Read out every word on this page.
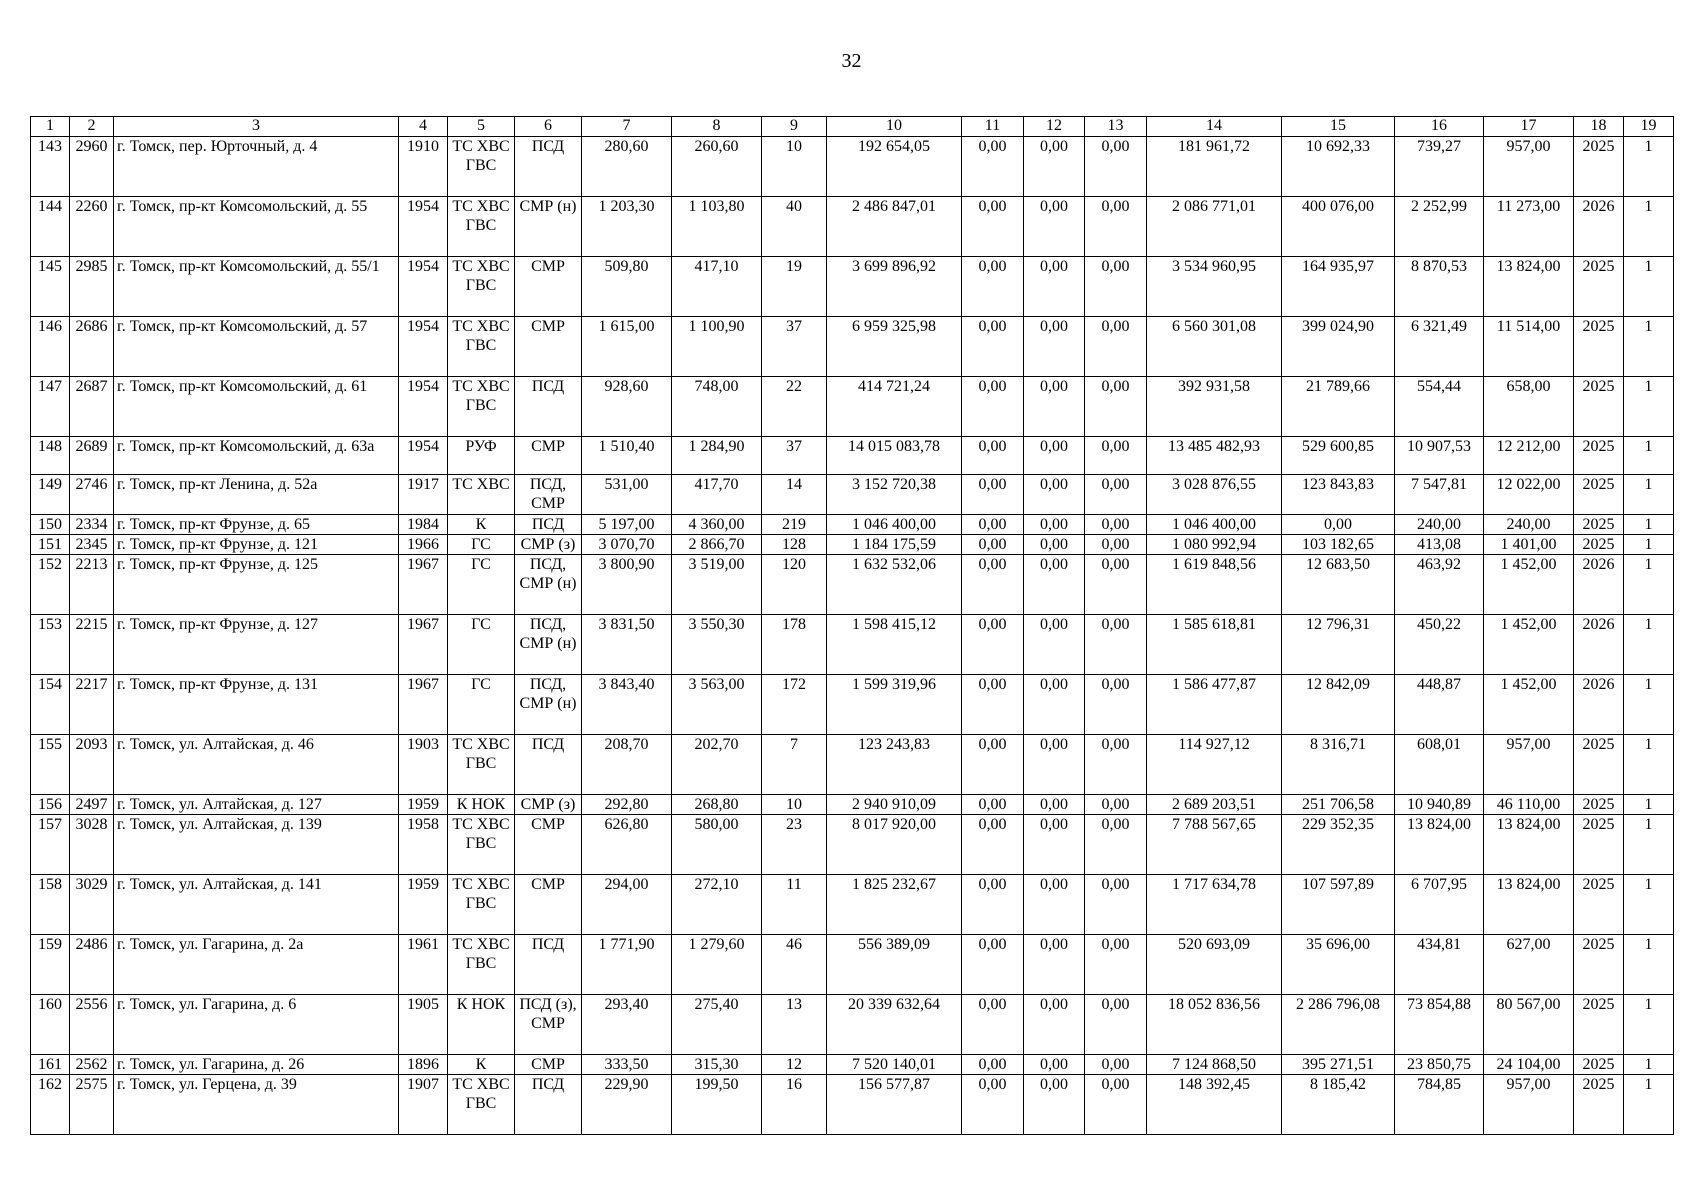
32
1	2	3	4	5	6	7	8	9	10	11	12	13	14	15	16	17	18	19
143	2960	г. Томск, пер. Юрточный, д. 4	1910	ТС ХВС
ГВС	ПСД	280,60	260,60	10	192 654,05	0,00	0,00	0,00	181 961,72	10 692,33	739,27	957,00	2025	1
144	2260	г. Томск, пр-кт Комсомольский, д. 55	1954	ТС ХВС
ГВС	СМР (н)	1 203,30	1 103,80	40	2 486 847,01	0,00	0,00	0,00	2 086 771,01	400 076,00	2 252,99	11 273,00	2026	1
145	2985	г. Томск, пр-кт Комсомольский, д. 55/1	1954	ТС ХВС
ГВС	СМР	509,80	417,10	19	3 699 896,92	0,00	0,00	0,00	3 534 960,95	164 935,97	8 870,53	13 824,00	2025	1
146	2686	г. Томск, пр-кт Комсомольский, д. 57	1954	ТС ХВС
ГВС	СМР	1 615,00	1 100,90	37	6 959 325,98	0,00	0,00	0,00	6 560 301,08	399 024,90	6 321,49	11 514,00	2025	1
147	2687	г. Томск, пр-кт Комсомольский, д. 61	1954	ТС ХВС
ГВС	ПСД	928,60	748,00	22	414 721,24	0,00	0,00	0,00	392 931,58	21 789,66	554,44	658,00	2025	1
148	2689	г. Томск, пр-кт Комсомольский, д. 63а	1954	РУФ	СМР	1 510,40	1 284,90	37	14 015 083,78	0,00	0,00	0,00	13 485 482,93	529 600,85	10 907,53	12 212,00	2025	1
149	2746	г. Томск, пр-кт Ленина, д. 52а	1917	ТС ХВС	ПСД,
СМР	531,00	417,70	14	3 152 720,38	0,00	0,00	0,00	3 028 876,55	123 843,83	7 547,81	12 022,00	2025	1
150	2334	г. Томск, пр-кт Фрунзе, д. 65	1984	К	ПСД	5 197,00	4 360,00	219	1 046 400,00	0,00	0,00	0,00	1 046 400,00	0,00	240,00	240,00	2025	1
151	2345	г. Томск, пр-кт Фрунзе, д. 121	1966	ГС	СМР (з)	3 070,70	2 866,70	128	1 184 175,59	0,00	0,00	0,00	1 080 992,94	103 182,65	413,08	1 401,00	2025	1
152	2213	г. Томск, пр-кт Фрунзе, д. 125	1967	ГС	ПСД,
СМР (н)	3 800,90	3 519,00	120	1 632 532,06	0,00	0,00	0,00	1 619 848,56	12 683,50	463,92	1 452,00	2026	1
153	2215	г. Томск, пр-кт Фрунзе, д. 127	1967	ГС	ПСД,
СМР (н)	3 831,50	3 550,30	178	1 598 415,12	0,00	0,00	0,00	1 585 618,81	12 796,31	450,22	1 452,00	2026	1
154	2217	г. Томск, пр-кт Фрунзе, д. 131	1967	ГС	ПСД,
СМР (н)	3 843,40	3 563,00	172	1 599 319,96	0,00	0,00	0,00	1 586 477,87	12 842,09	448,87	1 452,00	2026	1
155	2093	г. Томск, ул. Алтайская, д. 46	1903	ТС ХВС
ГВС	ПСД	208,70	202,70	7	123 243,83	0,00	0,00	0,00	114 927,12	8 316,71	608,01	957,00	2025	1
156	2497	г. Томск, ул. Алтайская, д. 127	1959	К НОК	СМР (з)	292,80	268,80	10	2 940 910,09	0,00	0,00	0,00	2 689 203,51	251 706,58	10 940,89	46 110,00	2025	1
157	3028	г. Томск, ул. Алтайская, д. 139	1958	ТС ХВС
ГВС	СМР	626,80	580,00	23	8 017 920,00	0,00	0,00	0,00	7 788 567,65	229 352,35	13 824,00	13 824,00	2025	1
158	3029	г. Томск, ул. Алтайская, д. 141	1959	ТС ХВС
ГВС	СМР	294,00	272,10	11	1 825 232,67	0,00	0,00	0,00	1 717 634,78	107 597,89	6 707,95	13 824,00	2025	1
159	2486	г. Томск, ул. Гагарина, д. 2а	1961	ТС ХВС
ГВС	ПСД	1 771,90	1 279,60	46	556 389,09	0,00	0,00	0,00	520 693,09	35 696,00	434,81	627,00	2025	1
160	2556	г. Томск, ул. Гагарина, д. 6	1905	К НОК	ПСД (з),
СМР	293,40	275,40	13	20 339 632,64	0,00	0,00	0,00	18 052 836,56	2 286 796,08	73 854,88	80 567,00	2025	1
161	2562	г. Томск, ул. Гагарина, д. 26	1896	К	СМР	333,50	315,30	12	7 520 140,01	0,00	0,00	0,00	7 124 868,50	395 271,51	23 850,75	24 104,00	2025	1
162	2575	г. Томск, ул. Герцена, д. 39	1907	ТС ХВС
ГВС	ПСД	229,90	199,50	16	156 577,87	0,00	0,00	0,00	148 392,45	8 185,42	784,85	957,00	2025	1
